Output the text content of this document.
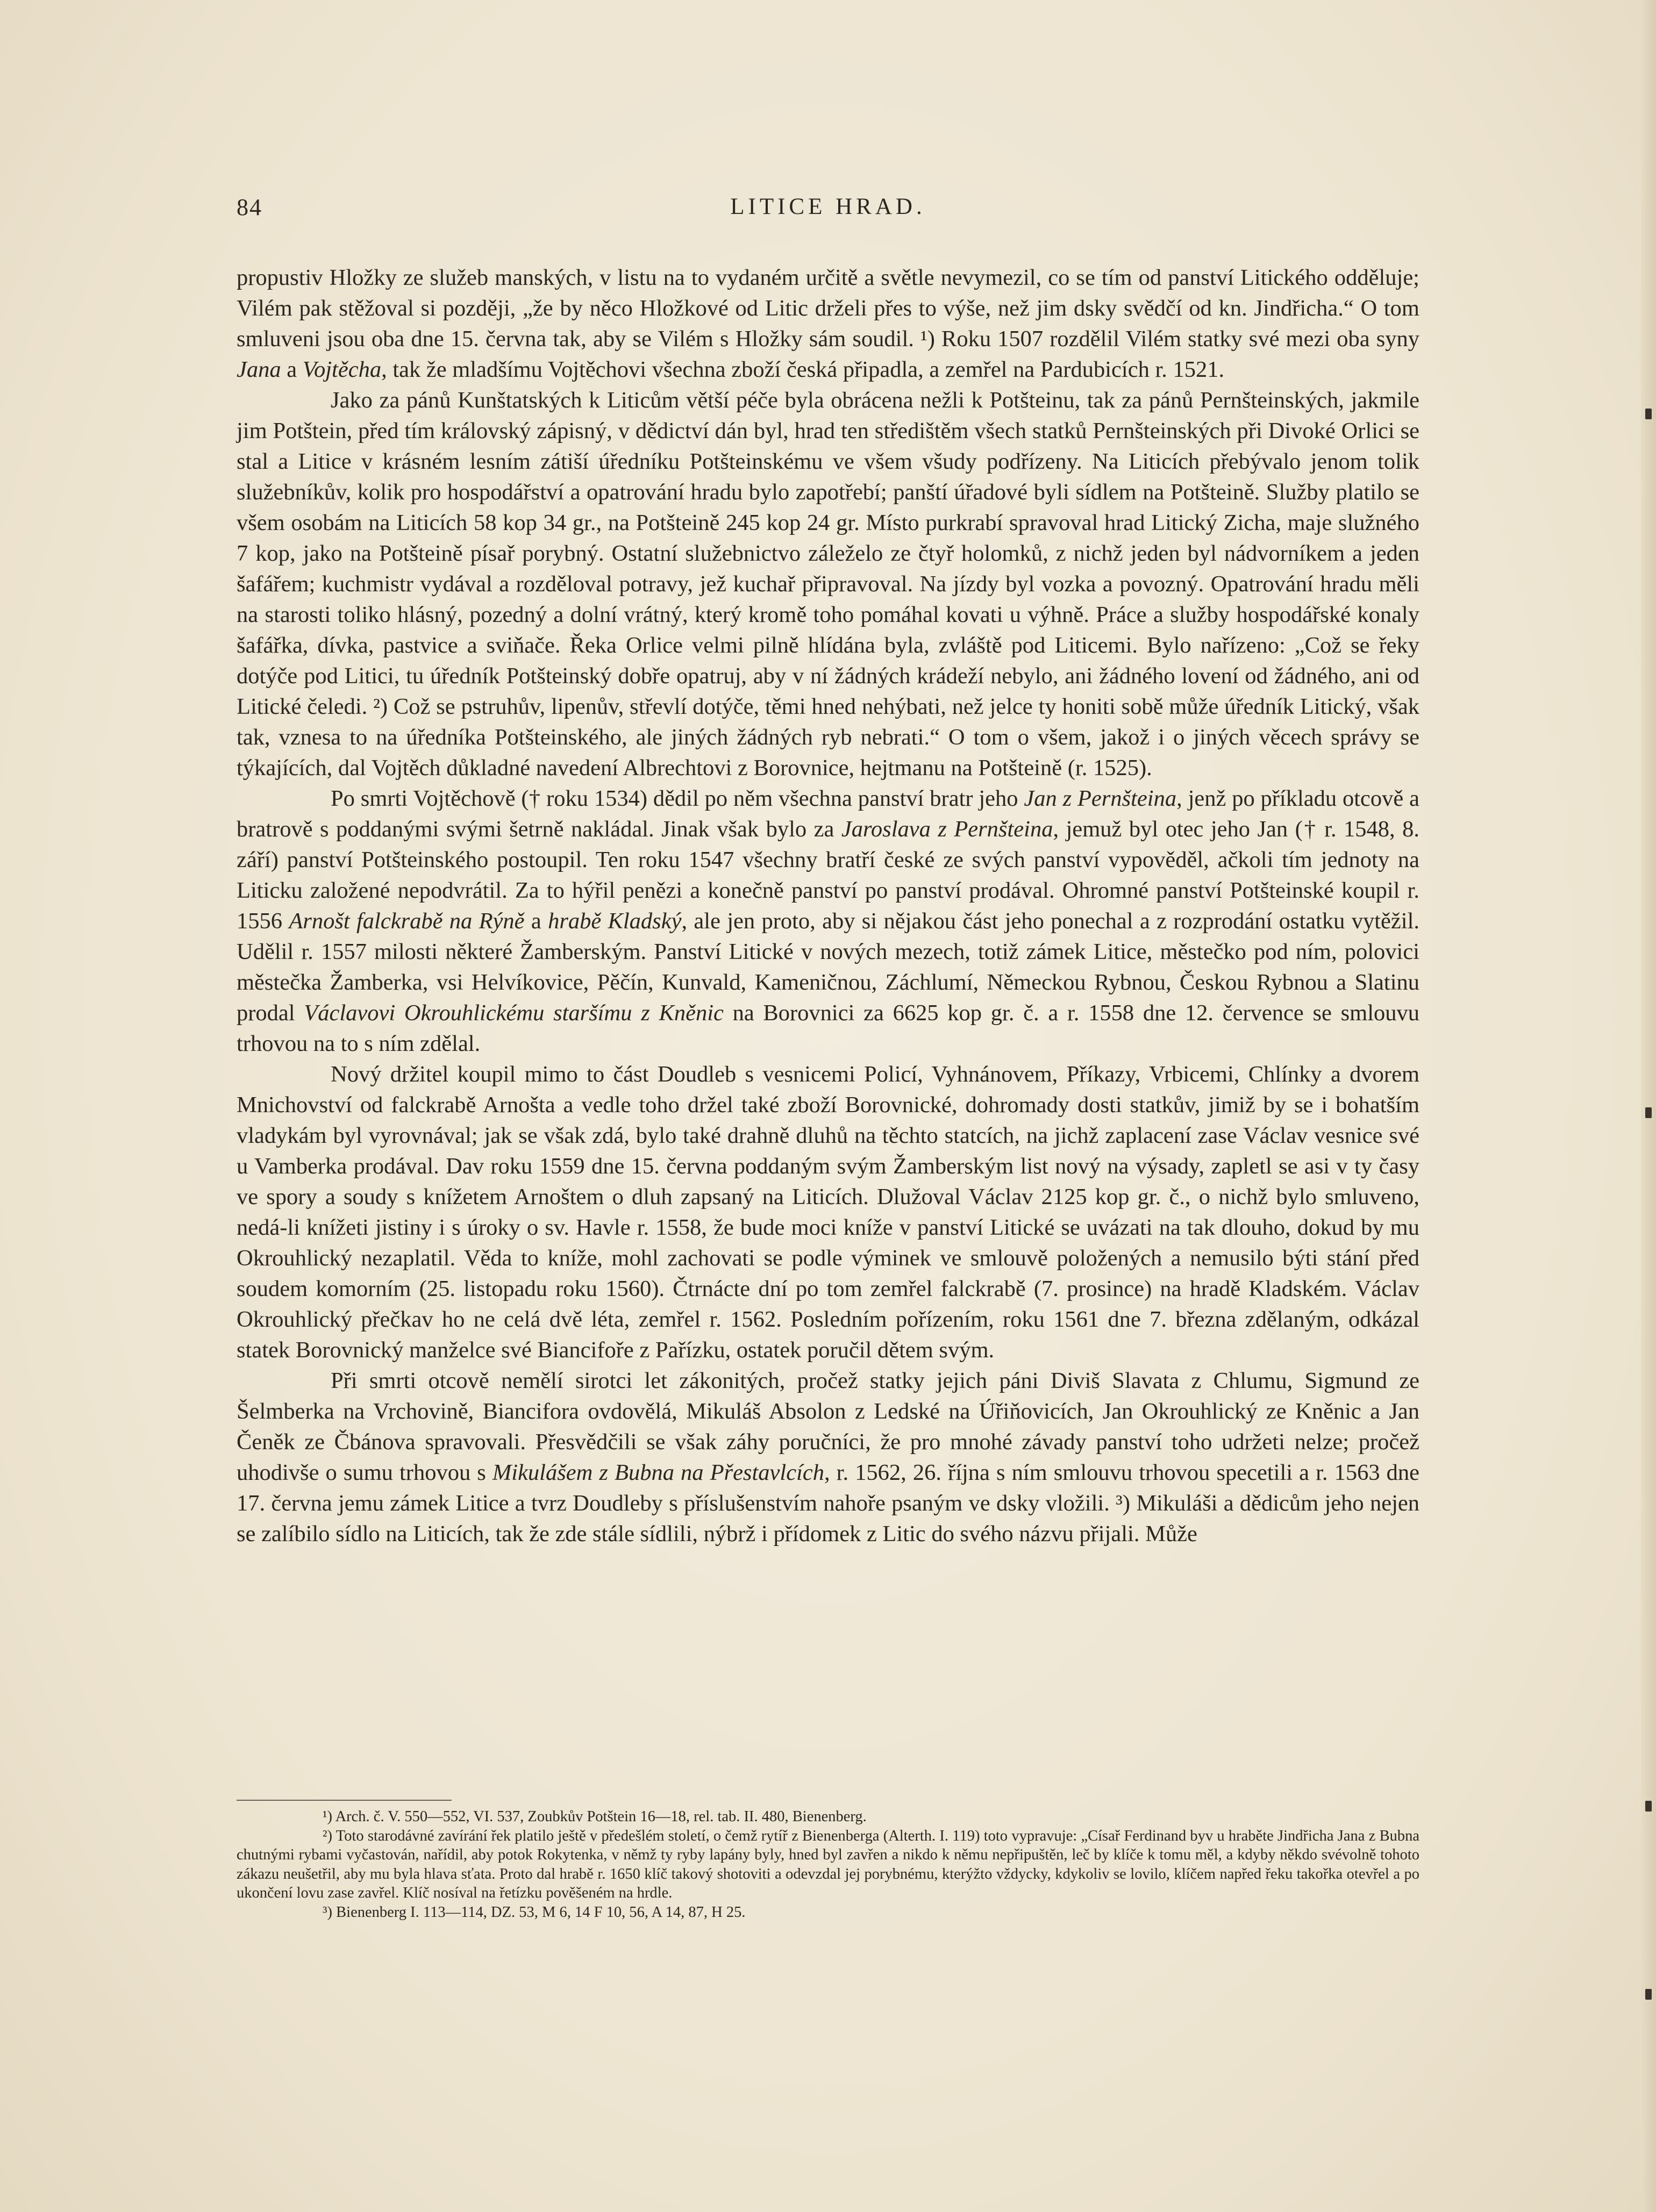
84	LITICE HRAD.

propustiv Hložky ze služeb manských, v listu na to vydaném určitě a světle nevymezil, co se tím od panství Litického odděluje; Vilém pak stěžoval si později, „že by něco Hložkové od Litic drželi přes to výše, než jim dsky svědčí od kn. Jindřicha.“ O tom smluveni jsou oba dne 15. června tak, aby se Vilém s Hložky sám soudil. ¹) Roku 1507 rozdělil Vilém statky své mezi oba syny Jana a Vojtěcha, tak že mladšímu Vojtěchovi všechna zboží česká připadla, a zemřel na Pardubicích r. 1521.

Jako za pánů Kunštatských k Liticům větší péče byla obrácena nežli k Potšteinu, tak za pánů Pernšteinských, jakmile jim Potštein, před tím královský zápisný, v dědictví dán byl, hrad ten středištěm všech statků Pernšteinských při Divoké Orlici se stal a Litice v krásném lesním zátiší úředníku Potšteinskému ve všem všudy podřízeny. Na Liticích přebývalo jenom tolik služebníkův, kolik pro hospodářství a opatrování hradu bylo zapotřebí; panští úřadové byli sídlem na Potšteině. Služby platilo se všem osobám na Liticích 58 kop 34 gr., na Potšteině 245 kop 24 gr. Místo purkrabí spravoval hrad Litický Zicha, maje služného 7 kop, jako na Potšteině písař porybný. Ostatní služebnictvo záleželo ze čtyř holomků, z nichž jeden byl nádvorníkem a jeden šafářem; kuchmistr vydával a rozděloval potravy, jež kuchař připravoval. Na jízdy byl vozka a povozný. Opatrování hradu měli na starosti toliko hlásný, pozedný a dolní vrátný, který kromě toho pomáhal kovati u výhně. Práce a služby hospodářské konaly šafářka, dívka, pastvice a sviňače. Řeka Orlice velmi pilně hlídána byla, zvláště pod Liticemi. Bylo nařízeno: „Což se řeky dotýče pod Litici, tu úředník Potšteinský dobře opatruj, aby v ní žádných krádeží nebylo, ani žádného lovení od žádného, ani od Litické čeledi. ²) Což se pstruhův, lipenův, střevlí dotýče, těmi hned nehýbati, než jelce ty honiti sobě může úředník Litický, však tak, vznesa to na úředníka Potšteinského, ale jiných žádných ryb nebrati.“ O tom o všem, jakož i o jiných věcech správy se týkajících, dal Vojtěch důkladné navedení Albrechtovi z Borovnice, hejtmanu na Potšteině (r. 1525).

Po smrti Vojtěchově († roku 1534) dědil po něm všechna panství bratr jeho Jan z Pernšteina, jenž po příkladu otcově a bratrově s poddanými svými šetrně nakládal. Jinak však bylo za Jaroslava z Pernšteina, jemuž byl otec jeho Jan († r. 1548, 8. září) panství Potšteinského postoupil. Ten roku 1547 všechny bratří české ze svých panství vypověděl, ačkoli tím jednoty na Liticku založené nepodvrátil. Za to hýřil penězi a konečně panství po panství prodával. Ohromné panství Potšteinské koupil r. 1556 Arnošt falckrabě na Rýně a hrabě Kladský, ale jen proto, aby si nějakou část jeho ponechal a z rozprodání ostatku vytěžil. Udělil r. 1557 milosti některé Žamberským. Panství Litické v nových mezech, totiž zámek Litice, městečko pod ním, polovici městečka Žamberka, vsi Helvíkovice, Pěčín, Kunvald, Kameničnou, Záchlumí, Německou Rybnou, Českou Rybnou a Slatinu prodal Václavovi Okrouhlickému staršímu z Kněnic na Borovnici za 6625 kop gr. č. a r. 1558 dne 12. července se smlouvu trhovou na to s ním zdělal.

Nový držitel koupil mimo to část Doudleb s vesnicemi Policí, Vyhnánovem, Příkazy, Vrbicemi, Chlínky a dvorem Mnichovství od falckrabě Arnošta a vedle toho držel také zboží Borovnické, dohromady dosti statkův, jimiž by se i bohatším vladykám byl vyrovnával; jak se však zdá, bylo také drahně dluhů na těchto statcích, na jichž zaplacení zase Václav vesnice své u Vamberka prodával. Dav roku 1559 dne 15. června poddaným svým Žamberským list nový na výsady, zapletl se asi v ty časy ve spory a soudy s knížetem Arnoštem o dluh zapsaný na Liticích. Dlužoval Václav 2125 kop gr. č., o nichž bylo smluveno, nedá-li knížeti jistiny i s úroky o sv. Havle r. 1558, že bude moci kníže v panství Litické se uvázati na tak dlouho, dokud by mu Okrouhlický nezaplatil. Věda to kníže, mohl zachovati se podle výminek ve smlouvě položených a nemusilo býti stání před soudem komorním (25. listopadu roku 1560). Čtrnácte dní po tom zemřel falckrabě (7. prosince) na hradě Kladském. Václav Okrouhlický přečkav ho ne celá dvě léta, zemřel r. 1562. Posledním pořízením, roku 1561 dne 7. března zdělaným, odkázal statek Borovnický manželce své Biancifoře z Pařízku, ostatek poručil dětem svým.

Při smrti otcově nemělí sirotci let zákonitých, pročež statky jejich páni Diviš Slavata z Chlumu, Sigmund ze Šelmberka na Vrchovině, Biancifora ovdovělá, Mikuláš Absolon z Ledské na Úřiňovicích, Jan Okrouhlický ze Kněnic a Jan Čeněk ze Čbánova spravovali. Přesvědčili se však záhy poručníci, že pro mnohé závady panství toho udržeti nelze; pročež uhodivše o sumu trhovou s Mikulášem z Bubna na Přestavlcích, r. 1562, 26. října s ním smlouvu trhovou specetili a r. 1563 dne 17. června jemu zámek Litice a tvrz Doudleby s příslušenstvím nahoře psaným ve dsky vložili. ³) Mikuláši a dědicům jeho nejen se zalíbilo sídlo na Liticích, tak že zde stále sídlili, nýbrž i přídomek z Litic do svého názvu přijali. Může

¹) Arch. č. V. 550—552, VI. 537, Zoubkův Potštein 16—18, rel. tab. II. 480, Bienenberg.

²) Toto starodávné zavírání řek platilo ještě v předešlém století, o čemž rytíř z Bienenberga (Alterth. I. 119) toto vypravuje: „Císař Ferdinand byv u hraběte Jindřicha Jana z Bubna chutnými rybami vyčastován, nařídil, aby potok Rokytenka, v němž ty ryby lapány byly, hned byl zavřen a nikdo k němu nepřipuštěn, leč by klíče k tomu měl, a kdyby někdo svévolně tohoto zákazu neušetřil, aby mu byla hlava sťata. Proto dal hrabě r. 1650 klíč takový shotoviti a odevzdal jej porybnému, kterýžto vždycky, kdykoliv se lovilo, klíčem napřed řeku takořka otevřel a po ukončení lovu zase zavřel. Klíč nosíval na řetízku pověšeném na hrdle.

³) Bienenberg I. 113—114, DZ. 53, M 6, 14 F 10, 56, A 14, 87, H 25.
